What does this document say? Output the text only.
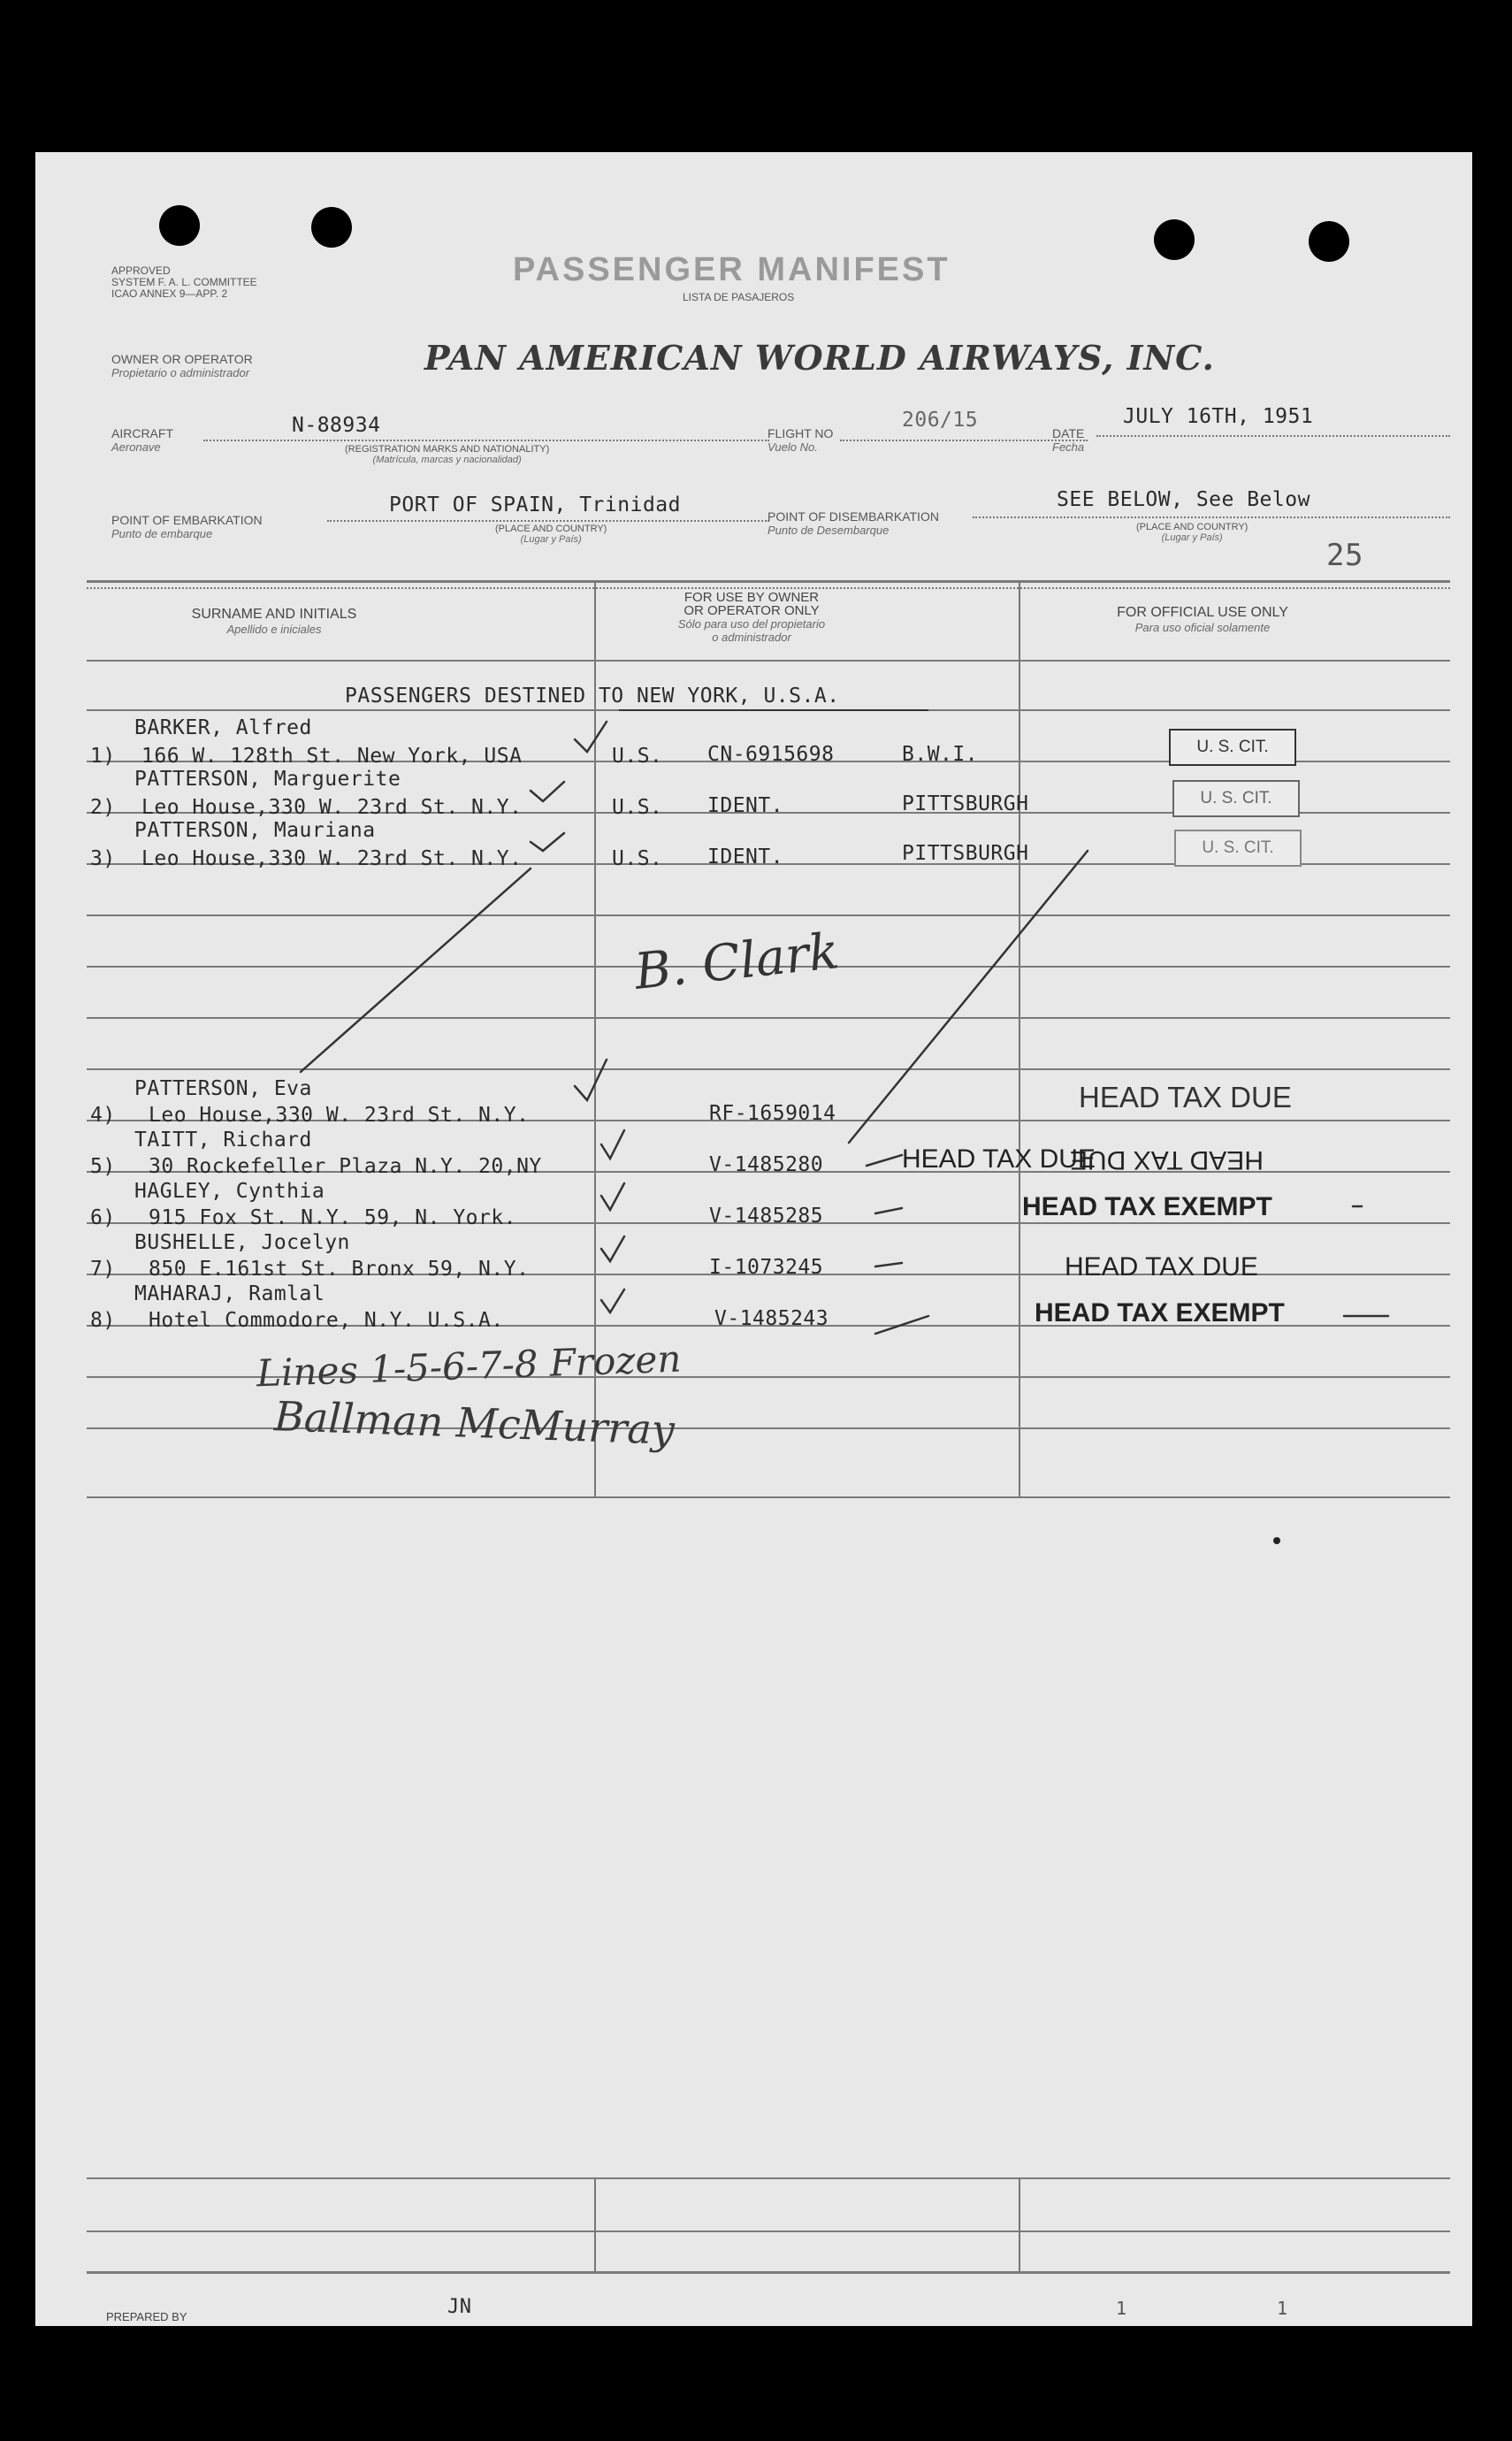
APPROVED
SYSTEM F. A. L. COMMITTEE
ICAO ANNEX 9—APP. 2
PASSENGER MANIFEST
LISTA DE PASAJEROS
OWNER OR OPERATOR
Propietario o administrador	PAN AMERICAN WORLD AIRWAYS, INC.
AIRCRAFT
Aeronave
N-88934
(REGISTRATION MARKS AND NATIONALITY)
(Matrícula, marcas y nacionalidad)
FLIGHT NO
Vuelo No.
206/15
DATE
Fecha
JULY 16TH, 1951
POINT OF EMBARKATION
Punto de embarque
PORT OF SPAIN, Trinidad
(PLACE AND COUNTRY)
(Lugar y País)
POINT OF DISEMBARKATION
Punto de Desembarque
SEE BELOW, See Below
(PLACE AND COUNTRY)
(Lugar y País)	25
SURNAME AND INITIALS
Apellido e iniciales
FOR USE BY OWNER
OR OPERATOR ONLY
Sólo para uso del propietario
o administrador
FOR OFFICIAL USE ONLY
Para uso oficial solamente
PASSENGERS DESTINED TO NEW YORK, U.S.A.
BARKER, Alfred
1) 166 W. 128th St. New York, USA	U.S. CN-6915698	B.W.I.	U. S. CIT.
PATTERSON, Marguerite
2) Leo House,330 W. 23rd St. N.Y.	U.S. IDENT.	PITTSBURGH	U. S. CIT.
PATTERSON, Mauriana
3) Leo House,330 W. 23rd St. N.Y.	U.S. IDENT.	PITTSBURGH	U. S. CIT.
B. Clark
PATTERSON, Eva
4) Leo House,330 W. 23rd St. N.Y.	RF-1659014	HEAD TAX DUE
TAITT, Richard
5) 30 Rockefeller Plaza N.Y. 20,NY	V-1485280	HEAD TAX DUE
HEAD TAX DUE
HAGLEY, Cynthia
6) 915 Fox St. N.Y. 59, N. York.	V-1485285	HEAD TAX EXEMPT
BUSHELLE, Jocelyn
7) 850 E.161st St. Bronx 59, N.Y.	I-1073245	HEAD TAX DUE
MAHARAJ, Ramlal
8) Hotel Commodore, N.Y. U.S.A.	V-1485243	HEAD TAX EXEMPT
Lines 1-5-6-7-8 Frozen
Ballman McMurray
PREPARED BY	JN	1	1
